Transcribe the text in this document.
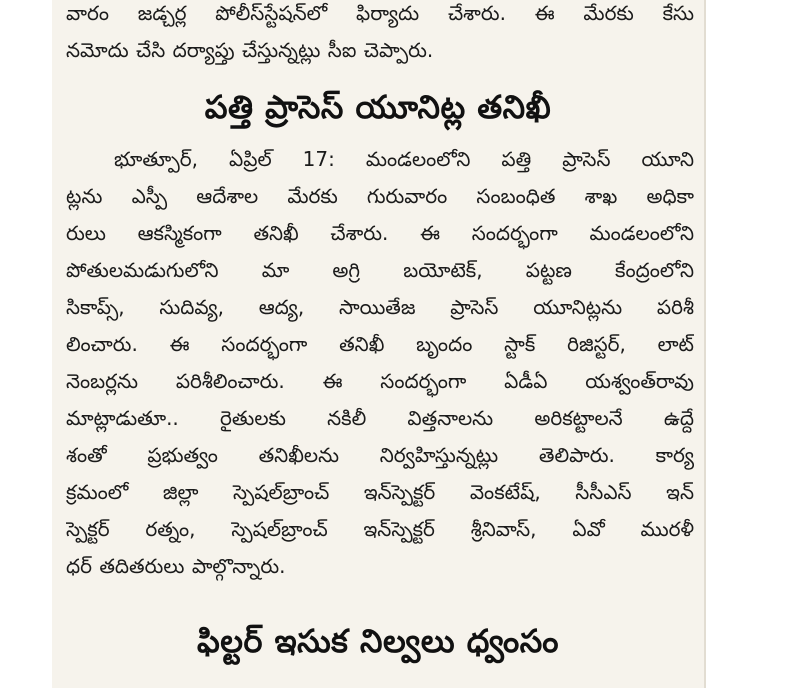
వారం జడ్చర్ల పోలీస్‌స్టేషన్‌లో ఫిర్యాదు చేశారు. ఈ మేరకు కేసు
నమోదు చేసి దర్యాప్తు చేస్తున్నట్లు సీఐ చెప్పారు.
పత్తి ప్రాసెస్ యూనిట్ల తనిఖీ
భూత్పూర్, ఏప్రిల్ 17: మండలంలోని పత్తి ప్రాసెస్ యూని
ట్లను ఎస్పీ ఆదేశాల మేరకు గురువారం సంబంధిత శాఖ అధికా
రులు ఆకస్మికంగా తనిఖీ చేశారు. ఈ సందర్భంగా మండలంలోని
పోతులమడుగులోని మా అగ్రి బయోటెక్, పట్టణ కేంద్రంలోని
సికాప్స్, సుదివ్య, ఆద్య, సాయితేజ ప్రాసెస్ యూనిట్లను పరిశీ
లించారు. ఈ సందర్భంగా తనిఖీ బృందం స్టాక్ రిజిస్టర్, లాట్
నెంబర్లను పరిశీలించారు. ఈ సందర్భంగా ఏడీఏ యశ్వంత్‌రావు
మాట్లాడుతూ.. రైతులకు నకిలీ విత్తనాలను అరికట్టాలనే ఉద్దే
శంతో ప్రభుత్వం తనిఖీలను నిర్వహిస్తున్నట్లు తెలిపారు. కార్య
క్రమంలో జిల్లా స్పెషల్‌బ్రాంచ్ ఇన్‌స్పెక్టర్ వెంకటేష్, సీసీఎస్ ఇన్
స్పెక్టర్ రత్నం, స్పెషల్‌బ్రాంచ్ ఇన్‌స్పెక్టర్ శ్రీనివాస్, ఏవో మురళీ
ధర్ తదితరులు పాల్గొన్నారు.
ఫిల్టర్ ఇసుక నిల్వలు ధ్వంసం
